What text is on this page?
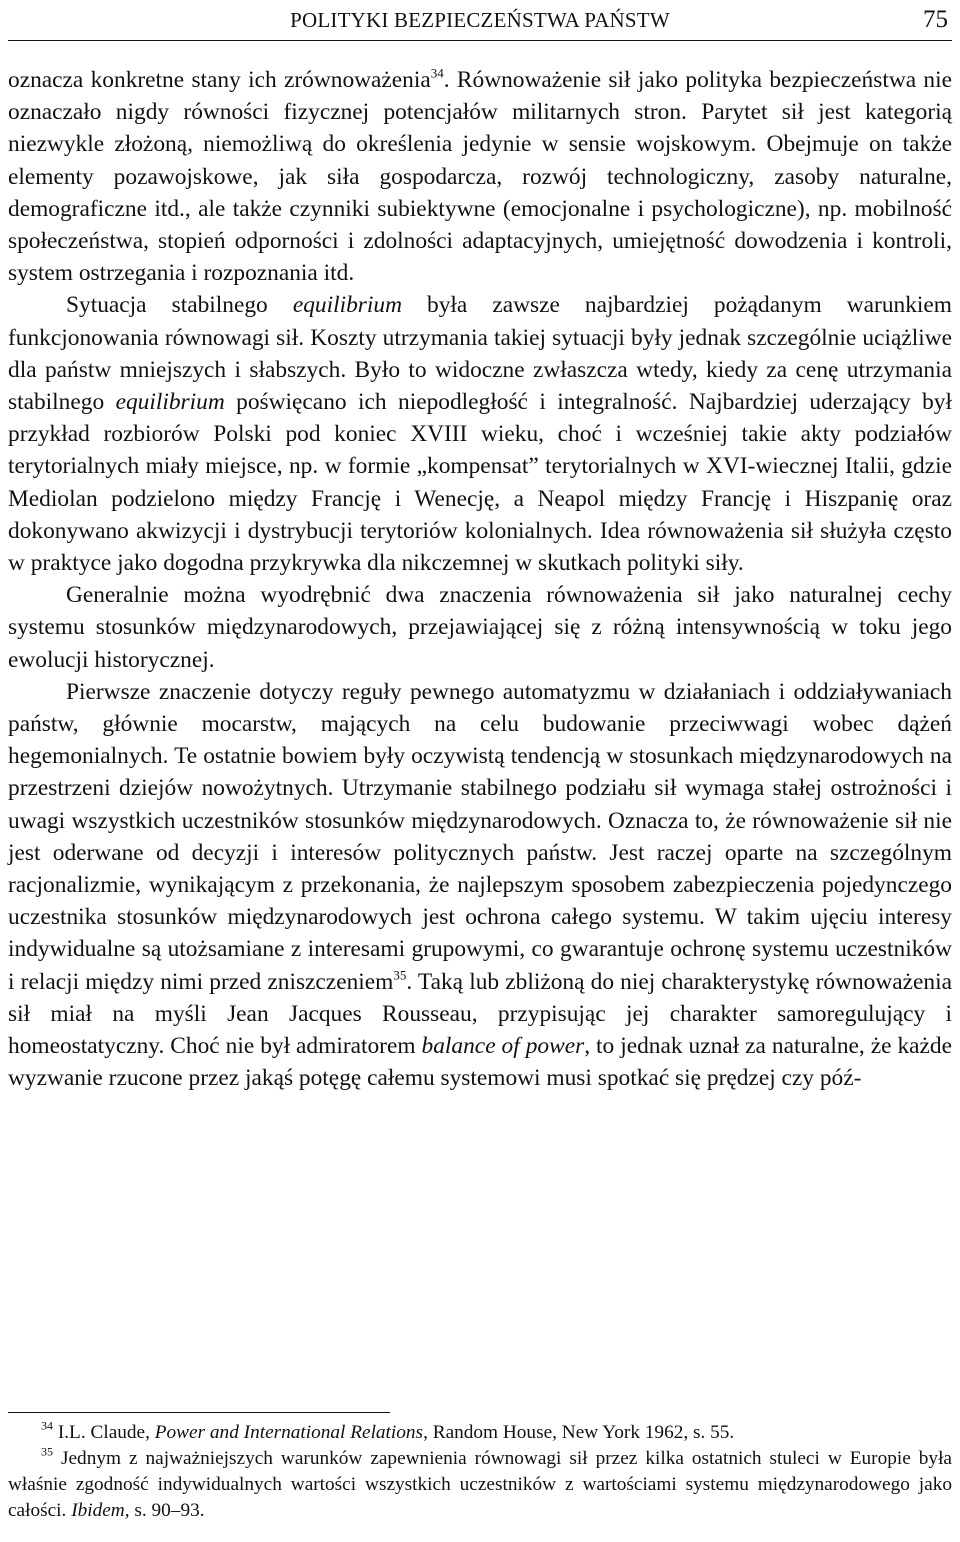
POLITYKI BEZPIECZEŃSTWA PAŃSTW	75

oznacza konkretne stany ich zrównoważenia$^{34}$. Równoważenie sił jako polityka bezpieczeństwa nie oznaczało nigdy równości fizycznej potencjałów militarnych stron. Parytet sił jest kategorią niezwykle złożoną, niemożliwą do określenia jedynie w sensie wojskowym. Obejmuje on także elementy pozawojskowe, jak siła gospodarcza, rozwój technologiczny, zasoby naturalne, demograficzne itd., ale także czynniki subiektywne (emocjonalne i psychologiczne), np. mobilność społeczeństwa, stopień odporności i zdolności adaptacyjnych, umiejętność dowodzenia i kontroli, system ostrzegania i rozpoznania itd.

Sytuacja stabilnego equilibrium była zawsze najbardziej pożądanym warunkiem funkcjonowania równowagi sił. Koszty utrzymania takiej sytuacji były jednak szczególnie uciążliwe dla państw mniejszych i słabszych. Było to widoczne zwłaszcza wtedy, kiedy za cenę utrzymania stabilnego equilibrium poświęcano ich niepodległość i integralność. Najbardziej uderzający był przykład rozbiorów Polski pod koniec XVIII wieku, choć i wcześniej takie akty podziałów terytorialnych miały miejsce, np. w formie „kompensat” terytorialnych w XVI-wiecznej Italii, gdzie Mediolan podzielono między Francję i Wenecję, a Neapol między Francję i Hiszpanię oraz dokonywano akwizycji i dystrybucji terytoriów kolonialnych. Idea równoważenia sił służyła często w praktyce jako dogodna przykrywka dla nikczemnej w skutkach polityki siły.

Generalnie można wyodrębnić dwa znaczenia równoważenia sił jako naturalnej cechy systemu stosunków międzynarodowych, przejawiającej się z różną intensywnością w toku jego ewolucji historycznej.

Pierwsze znaczenie dotyczy reguły pewnego automatyzmu w działaniach i oddziaływaniach państw, głównie mocarstw, mających na celu budowanie przeciwwagi wobec dążeń hegemonialnych. Te ostatnie bowiem były oczywistą tendencją w stosunkach międzynarodowych na przestrzeni dziejów nowożytnych. Utrzymanie stabilnego podziału sił wymaga stałej ostrożności i uwagi wszystkich uczestników stosunków międzynarodowych. Oznacza to, że równoważenie sił nie jest oderwane od decyzji i interesów politycznych państw. Jest raczej oparte na szczególnym racjonalizmie, wynikającym z przekonania, że najlepszym sposobem zabezpieczenia pojedynczego uczestnika stosunków międzynarodowych jest ochrona całego systemu. W takim ujęciu interesy indywidualne są utożsamiane z interesami grupowymi, co gwarantuje ochronę systemu uczestników i relacji między nimi przed zniszczeniem$^{35}$. Taką lub zbliżoną do niej charakterystykę równoważenia sił miał na myśli Jean Jacques Rousseau, przypisując jej charakter samoregulujący i homeostatyczny. Choć nie był admiratorem balance of power, to jednak uznał za naturalne, że każde wyzwanie rzucone przez jakąś potęgę całemu systemowi musi spotkać się prędzej czy póź-

$^{34}$ I.L. Claude, Power and International Relations, Random House, New York 1962, s. 55.

$^{35}$ Jednym z najważniejszych warunków zapewnienia równowagi sił przez kilka ostatnich stuleci w Europie była właśnie zgodność indywidualnych wartości wszystkich uczestników z wartościami systemu międzynarodowego jako całości. Ibidem, s. 90–93.
